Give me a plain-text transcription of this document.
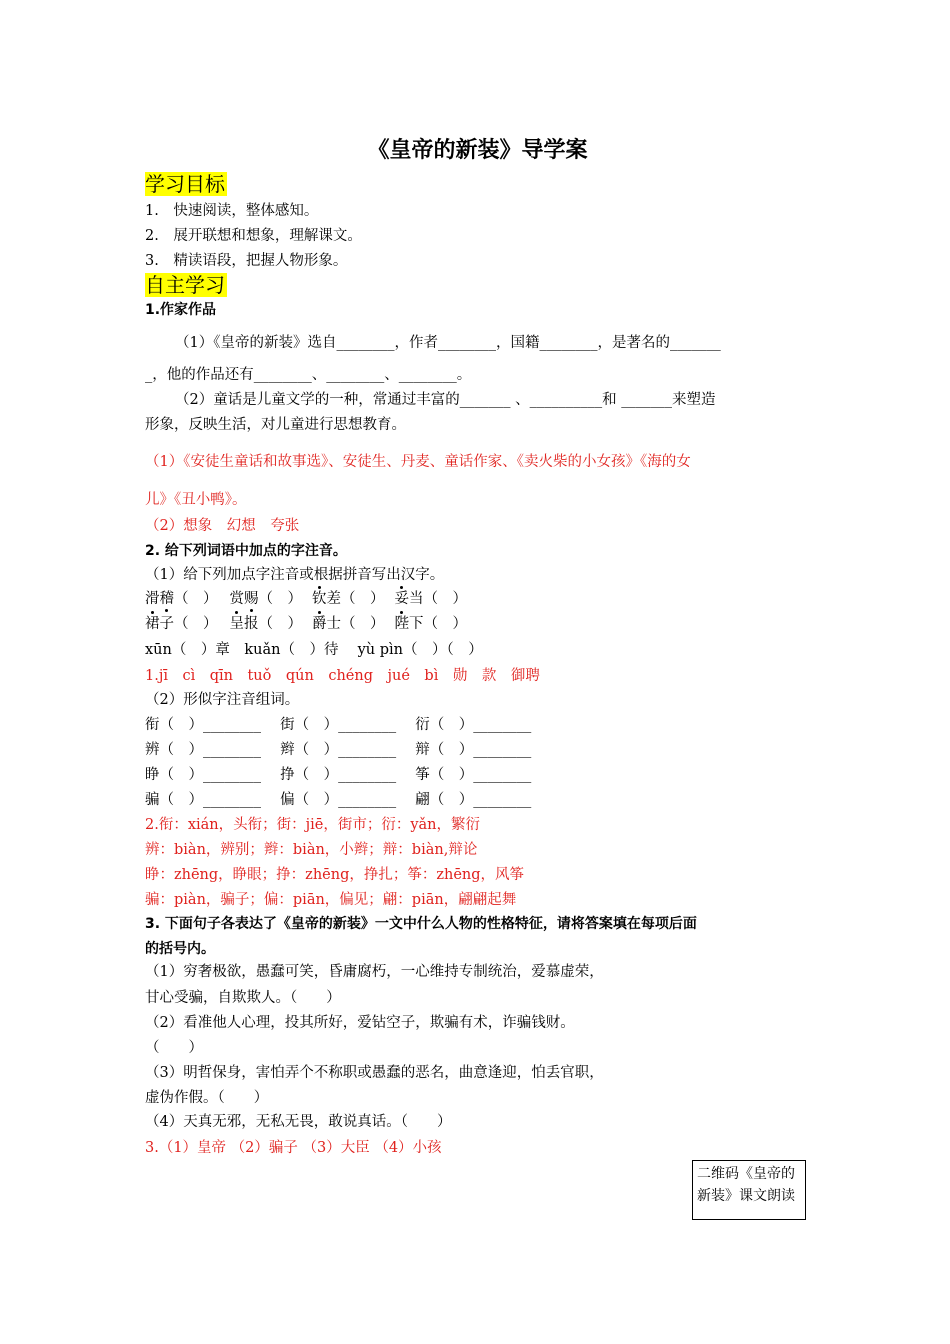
《皇帝的新装》导学案
学习目标
1.　快速阅读，整体感知。
2.　展开联想和想象，理解课文。
3.　精读语段，把握人物形象。
自主学习
1.作家作品
（1）《皇帝的新装》选自________，作者________，国籍________，是著名的_______
_，他的作品还有________、________、________。
（2）童话是儿童文学的一种，常通过丰富的_______ 、__________和 _______来塑造
形象，反映生活，对儿童进行思想教育。
（1）《安徒生童话和故事选》、安徒生、丹麦、童话作家、《卖火柴的小女孩》《海的女
儿》《丑小鸭》。
（2）想象　幻想　夸张
2. 给下列词语中加点的字注音。
（1）给下列加点字注音或根据拼音写出汉字。
滑稽（　） 赏赐（　） 钦差（　） 妥当（　）
裙子（　） 呈报（　） 爵士（　） 陛下（　）
xūn（　）章　kuǎn（　）待　 yù pìn（　）（　）
1.jī　cì　qīn　tuǒ　qún　chéng　jué　bì　勋　款　御聘
（2）形似字注音组词。
衔（　）________　 街（　）________　 衍（　）________
辨（　）________　 辫（　）________　 辩（　）________
睁（　）________　 挣（　）________　 筝（　）________
骗（　）________　 偏（　）________　 翩（　）________
2.衔：xián，头衔；街：jiē，街市；衍：yǎn，繁衍
辨：biàn，辨别；辫：biàn，小辫；辩：biàn,辩论
睁：zhēng，睁眼；挣：zhēng，挣扎；筝：zhēng，风筝
骗：piàn，骗子；偏：piān，偏见；翩：piān，翩翩起舞
3. 下面句子各表达了《皇帝的新装》一文中什么人物的性格特征，请将答案填在每项后面
的括号内。
（1）穷奢极欲，愚蠢可笑，昏庸腐朽，一心维持专制统治，爱慕虚荣，
甘心受骗，自欺欺人。（　　）
（2）看准他人心理，投其所好，爱钻空子，欺骗有术，诈骗钱财。
（　　）
（3）明哲保身，害怕弄个不称职或愚蠢的恶名，曲意逢迎，怕丢官职，
虚伪作假。（　　）
（4）天真无邪，无私无畏，敢说真话。（　　）
3.（1）皇帝 （2）骗子 （3）大臣 （4）小孩
二维码《皇帝的新装》课文朗读
